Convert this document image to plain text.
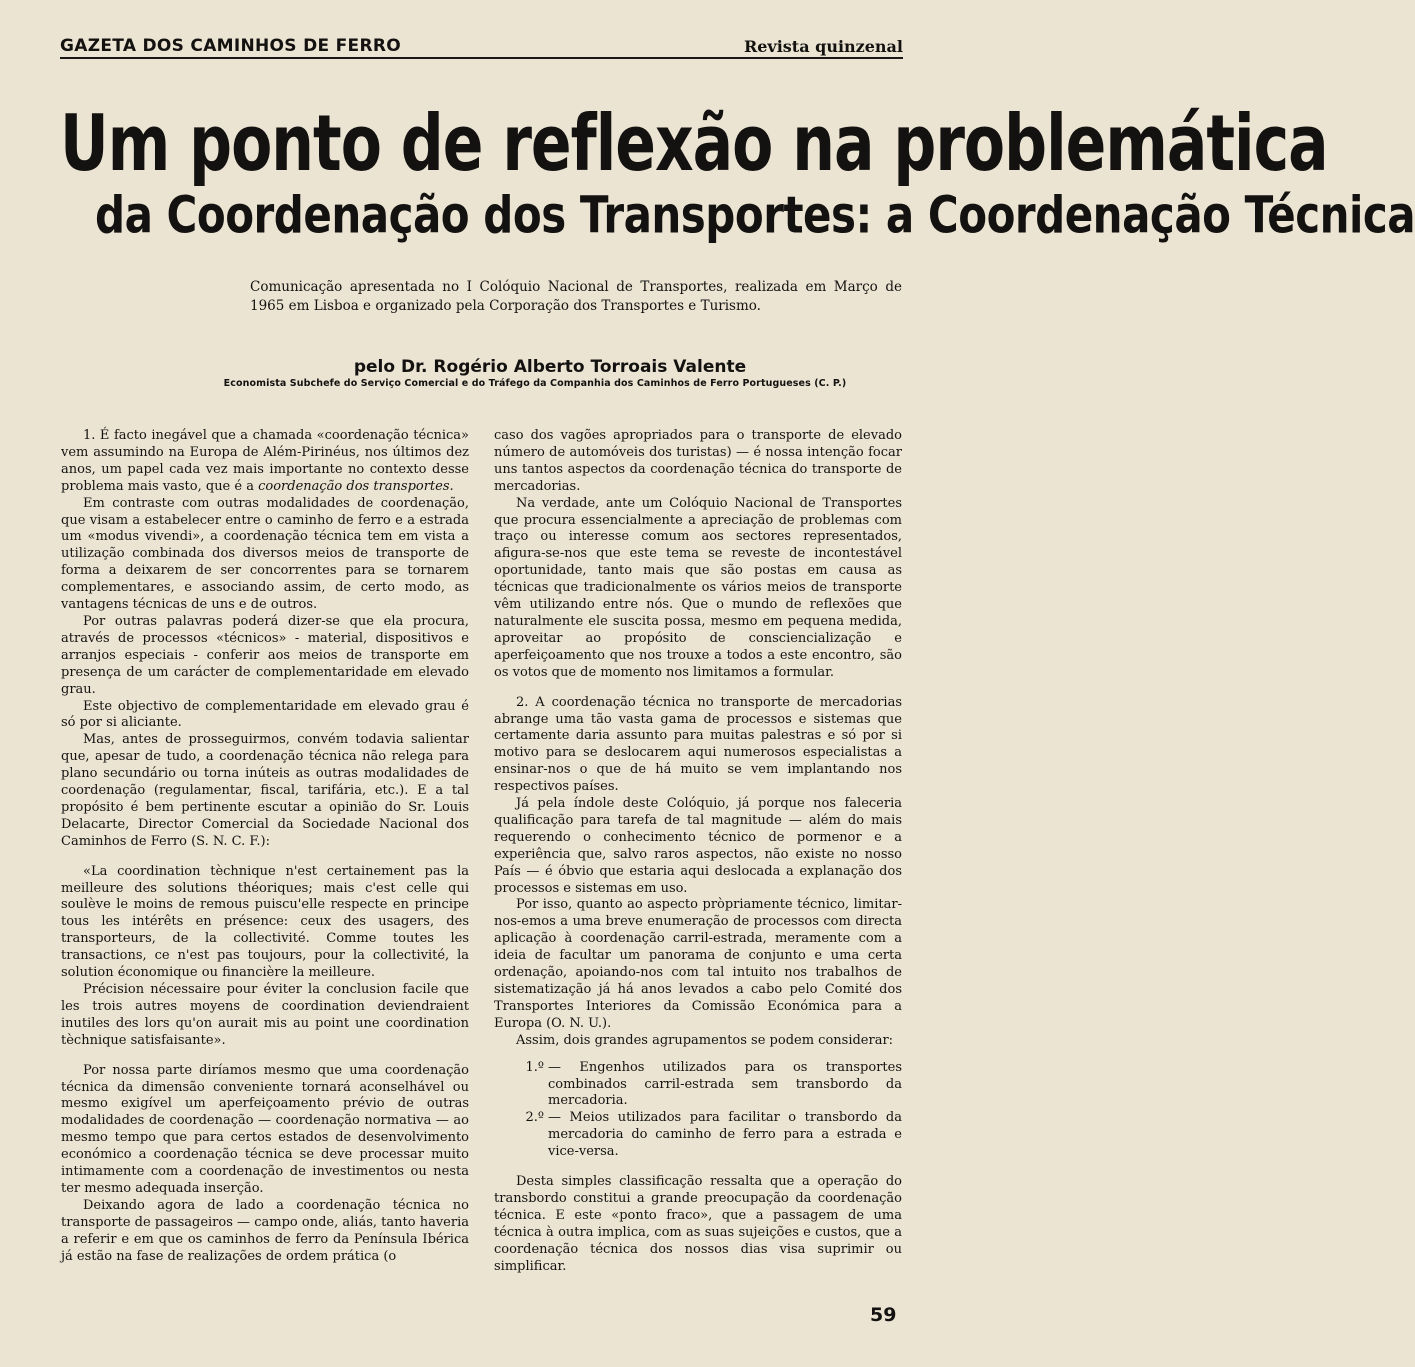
GAZETA DOS CAMINHOS DE FERRO	Revista quinzenal
Um ponto de reflexão na problemática
da Coordenação dos Transportes: a Coordenação Técnica
Comunicação apresentada no I Colóquio Nacional de Transportes, realizada em Março de 1965 em Lisboa e organizado pela Corporação dos Transportes e Turismo.
pelo Dr. Rogério Alberto Torroais Valente
Economista Subchefe do Serviço Comercial e do Tráfego da Companhia dos Caminhos de Ferro Portugueses (C. P.)

1. É facto inegável que a chamada «coordenação técnica» vem assumindo na Europa de Além-Pirinéus, nos últimos dez anos, um papel cada vez mais importante no contexto desse problema mais vasto, que é a coordenação dos transportes.

Em contraste com outras modalidades de coordenação, que visam a estabelecer entre o caminho de ferro e a estrada um «modus vivendi», a coordenação técnica tem em vista a utilização combinada dos diversos meios de transporte de forma a deixarem de ser concorrentes para se tornarem complementares, e associando assim, de certo modo, as vantagens técnicas de uns e de outros.

Por outras palavras poderá dizer-se que ela procura, através de processos «técnicos» - material, dispositivos e arranjos especiais - conferir aos meios de transporte em presença de um carácter de complementaridade em elevado grau.

Este objectivo de complementaridade em elevado grau é só por si aliciante.

Mas, antes de prosseguirmos, convém todavia salientar que, apesar de tudo, a coordenação técnica não relega para plano secundário ou torna inúteis as outras modalidades de coordenação (regulamentar, fiscal, tarifária, etc.). E a tal propósito é bem pertinente escutar a opinião do Sr. Louis Delacarte, Director Comercial da Sociedade Nacional dos Caminhos de Ferro (S. N. C. F.):

«La coordination tèchnique n'est certainement pas la meilleure des solutions théoriques; mais c'est celle qui soulève le moins de remous puiscu'elle respecte en principe tous les intérêts en présence: ceux des usagers, des transporteurs, de la collectivité. Comme toutes les transactions, ce n'est pas toujours, pour la collectivité, la solution économique ou financière la meilleure.

Précision nécessaire pour éviter la conclusion facile que les trois autres moyens de coordination deviendraient inutiles des lors qu'on aurait mis au point une coordination tèchnique satisfaisante».

Por nossa parte diríamos mesmo que uma coordenação técnica da dimensão conveniente tornará aconselhável ou mesmo exigível um aperfeiçoamento prévio de outras modalidades de coordenação — coordenação normativa — ao mesmo tempo que para certos estados de desenvolvimento económico a coordenação técnica se deve processar muito intimamente com a coordenação de investimentos ou nesta ter mesmo adequada inserção.

Deixando agora de lado a coordenação técnica no transporte de passageiros — campo onde, aliás, tanto haveria a referir e em que os caminhos de ferro da Península Ibérica já estão na fase de realizações de ordem prática (o

caso dos vagões apropriados para o transporte de elevado número de automóveis dos turistas) — é nossa intenção focar uns tantos aspectos da coordenação técnica do transporte de mercadorias.

Na verdade, ante um Colóquio Nacional de Transportes que procura essencialmente a apreciação de problemas com traço ou interesse comum aos sectores representados, afigura-se-nos que este tema se reveste de incontestável oportunidade, tanto mais que são postas em causa as técnicas que tradicionalmente os vários meios de transporte vêm utilizando entre nós. Que o mundo de reflexões que naturalmente ele suscita possa, mesmo em pequena medida, aproveitar ao propósito de consciencialização e aperfeiçoamento que nos trouxe a todos a este encontro, são os votos que de momento nos limitamos a formular.

2. A coordenação técnica no transporte de mercadorias abrange uma tão vasta gama de processos e sistemas que certamente daria assunto para muitas palestras e só por si motivo para se deslocarem aqui numerosos especialistas a ensinar-nos o que de há muito se vem implantando nos respectivos países.

Já pela índole deste Colóquio, já porque nos faleceria qualificação para tarefa de tal magnitude — além do mais requerendo o conhecimento técnico de pormenor e a experiência que, salvo raros aspectos, não existe no nosso País — é óbvio que estaria aqui deslocada a explanação dos processos e sistemas em uso.

Por isso, quanto ao aspecto pròpriamente técnico, limitar-nos-emos a uma breve enumeração de processos com directa aplicação à coordenação carril-estrada, meramente com a ideia de facultar um panorama de conjunto e uma certa ordenação, apoiando-nos com tal intuito nos trabalhos de sistematização já há anos levados a cabo pelo Comité dos Transportes Interiores da Comissão Económica para a Europa (O. N. U.).

Assim, dois grandes agrupamentos se podem considerar:

1.º — Engenhos utilizados para os transportes combinados carril-estrada sem transbordo da mercadoria.
2.º — Meios utilizados para facilitar o transbordo da mercadoria do caminho de ferro para a estrada e vice-versa.

Desta simples classificação ressalta que a operação do transbordo constitui a grande preocupação da coordenação técnica. E este «ponto fraco», que a passagem de uma técnica à outra implica, com as suas sujeições e custos, que a coordenação técnica dos nossos dias visa suprimir ou simplificar.

59
